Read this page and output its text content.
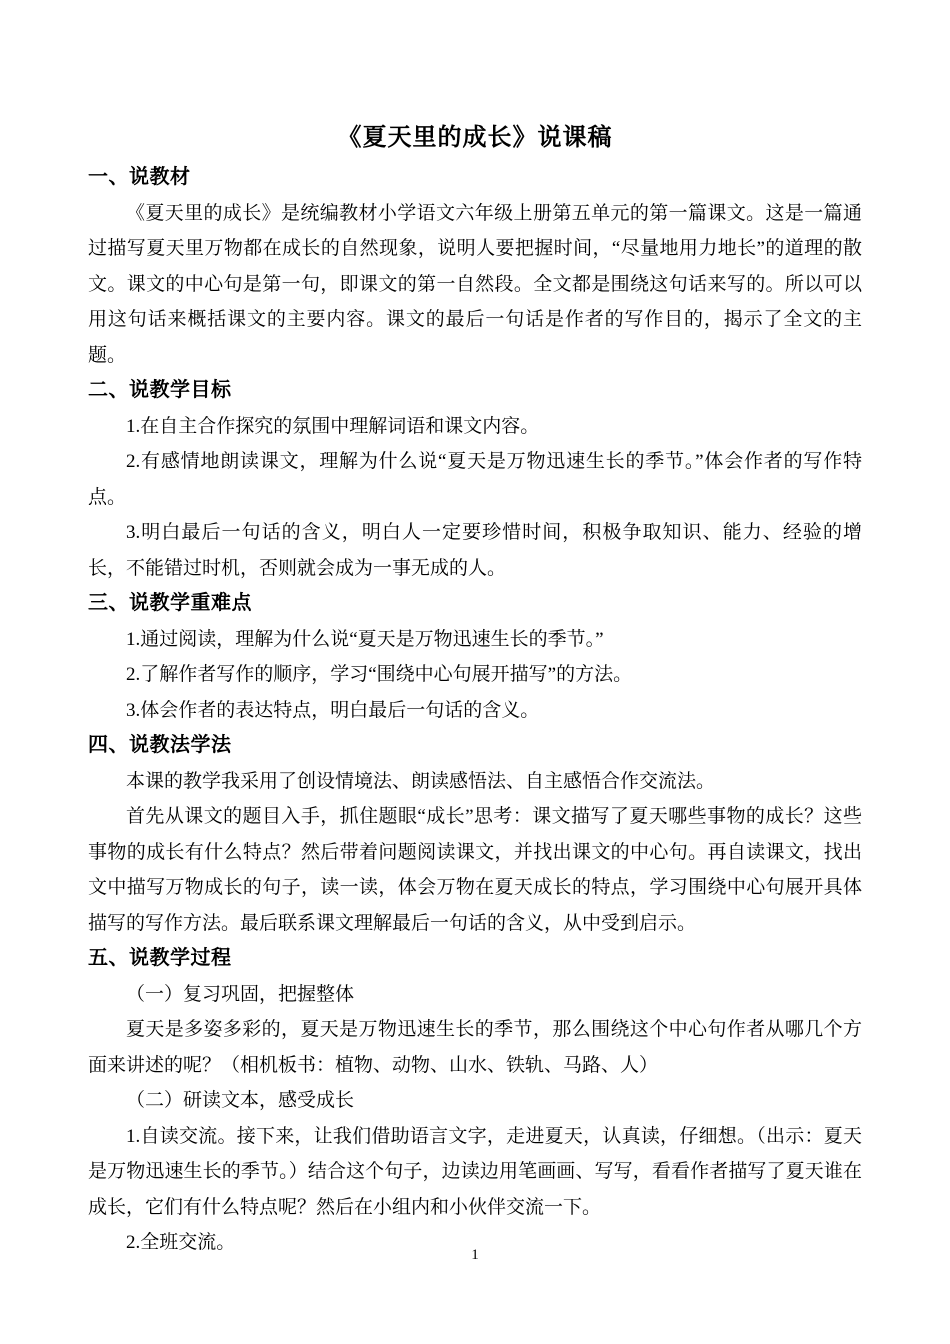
《夏天里的成长》说课稿
一、说教材

《夏天里的成长》是统编教材小学语文六年级上册第五单元的第一篇课文。这是一篇通过描写夏天里万物都在成长的自然现象，说明人要把握时间，“尽量地用力地长”的道理的散文。课文的中心句是第一句，即课文的第一自然段。全文都是围绕这句话来写的。所以可以用这句话来概括课文的主要内容。课文的最后一句话是作者的写作目的，揭示了全文的主题。

二、说教学目标

1.在自主合作探究的氛围中理解词语和课文内容。

2.有感情地朗读课文，理解为什么说“夏天是万物迅速生长的季节。”体会作者的写作特点。

3.明白最后一句话的含义，明白人一定要珍惜时间，积极争取知识、能力、经验的增长，不能错过时机，否则就会成为一事无成的人。

三、说教学重难点

1.通过阅读，理解为什么说“夏天是万物迅速生长的季节。”

2.了解作者写作的顺序，学习“围绕中心句展开描写”的方法。

3.体会作者的表达特点，明白最后一句话的含义。

四、说教法学法

本课的教学我采用了创设情境法、朗读感悟法、自主感悟合作交流法。

首先从课文的题目入手，抓住题眼“成长”思考：课文描写了夏天哪些事物的成长？这些事物的成长有什么特点？然后带着问题阅读课文，并找出课文的中心句。再自读课文，找出文中描写万物成长的句子，读一读，体会万物在夏天成长的特点，学习围绕中心句展开具体描写的写作方法。最后联系课文理解最后一句话的含义，从中受到启示。

五、说教学过程

（一）复习巩固，把握整体

夏天是多姿多彩的，夏天是万物迅速生长的季节，那么围绕这个中心句作者从哪几个方面来讲述的呢？（相机板书：植物、动物、山水、铁轨、马路、人）

（二）研读文本，感受成长

1.自读交流。接下来，让我们借助语言文字，走进夏天，认真读，仔细想。（出示：夏天是万物迅速生长的季节。）结合这个句子，边读边用笔画画、写写，看看作者描写了夏天谁在成长，它们有什么特点呢？然后在小组内和小伙伴交流一下。

2.全班交流。

1
